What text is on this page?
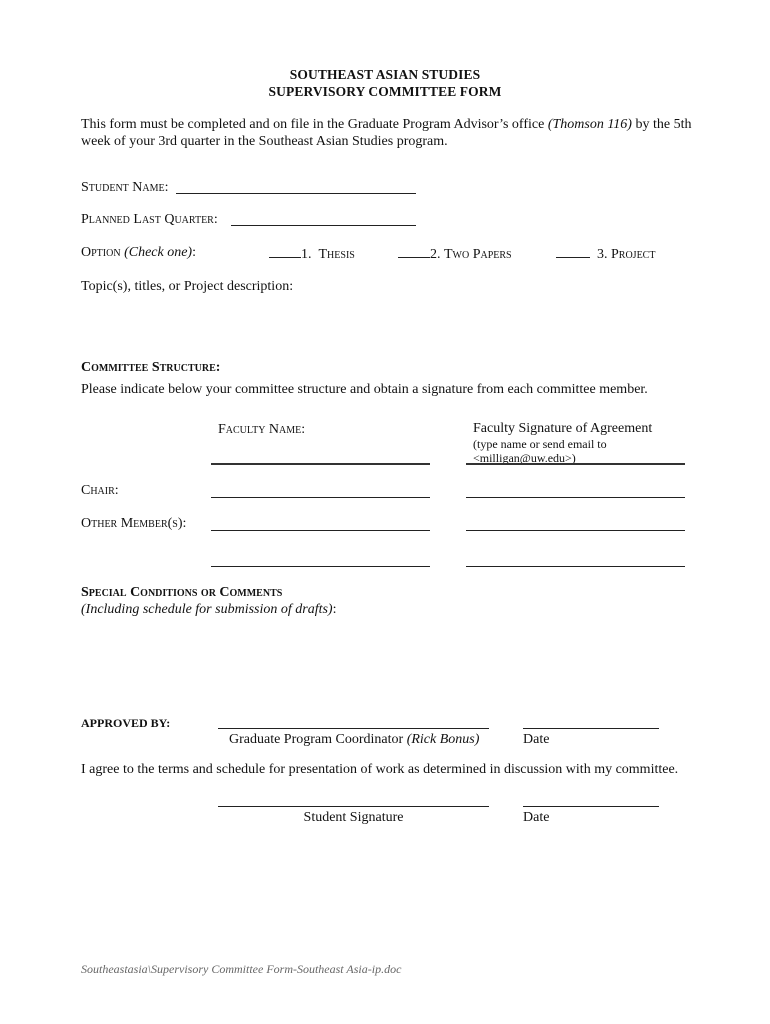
SOUTHEAST ASIAN STUDIES
SUPERVISORY COMMITTEE FORM
This form must be completed and on file in the Graduate Program Advisor’s office (Thomson 116) by the 5th
week of your 3rd quarter in the Southeast Asian Studies program.
Student Name:
Planned Last Quarter:
Option (Check one):	1. Thesis	2. Two Papers	3. Project
Topic(s), titles, or Project description:
Committee Structure:
Please indicate below your committee structure and obtain a signature from each committee member.
Faculty Name:	Faculty Signature of Agreement
(type name or send email to
<milligan@uw.edu>)
Chair:
Other Member(s):
Special Conditions or Comments
(Including schedule for submission of drafts):
APPROVED BY:
Graduate Program Coordinator (Rick Bonus)	Date
I agree to the terms and schedule for presentation of work as determined in discussion with my committee.
Student Signature	Date
Southeastasia\Supervisory Committee Form-Southeast Asia-ip.doc
